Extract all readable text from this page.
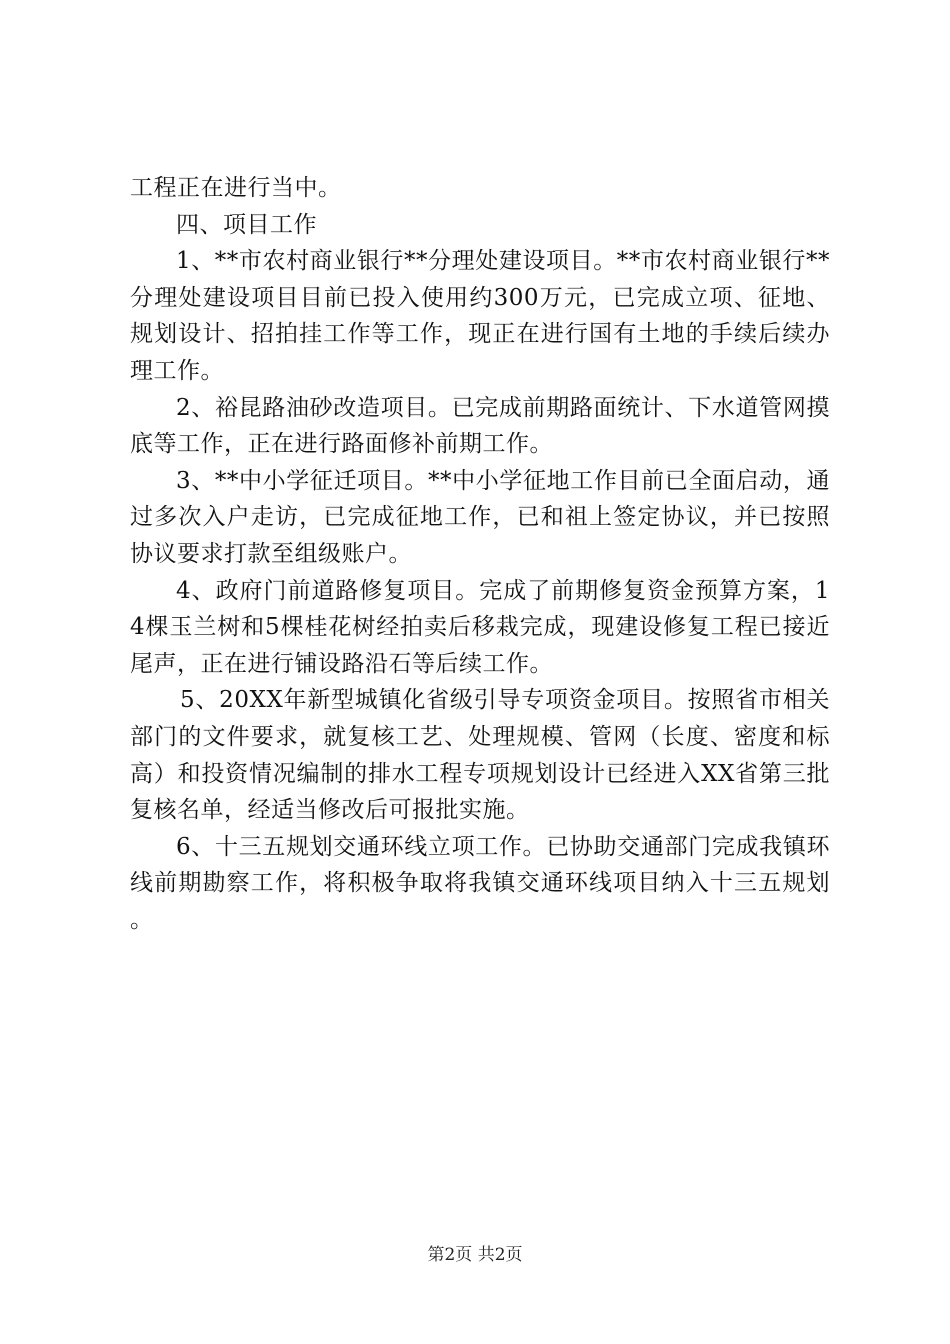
工程正在进行当中。

四、项目工作

1、**市农村商业银行**分理处建设项目。**市农村商业银行**分理处建设项目目前已投入使用约300万元，已完成立项、征地、规划设计、招拍挂工作等工作，现正在进行国有土地的手续后续办理工作。

2、裕昆路油砂改造项目。已完成前期路面统计、下水道管网摸底等工作，正在进行路面修补前期工作。

3、**中小学征迁项目。**中小学征地工作目前已全面启动，通过多次入户走访，已完成征地工作，已和祖上签定协议，并已按照协议要求打款至组级账户。

4、政府门前道路修复项目。完成了前期修复资金预算方案，14棵玉兰树和5棵桂花树经拍卖后移栽完成，现建设修复工程已接近尾声，正在进行铺设路沿石等后续工作。

5、20XX年新型城镇化省级引导专项资金项目。按照省市相关部门的文件要求，就复核工艺、处理规模、管网（长度、密度和标高）和投资情况编制的排水工程专项规划设计已经进入XX省第三批复核名单，经适当修改后可报批实施。

6、十三五规划交通环线立项工作。已协助交通部门完成我镇环线前期勘察工作，将积极争取将我镇交通环线项目纳入十三五规划。

第2页 共2页
